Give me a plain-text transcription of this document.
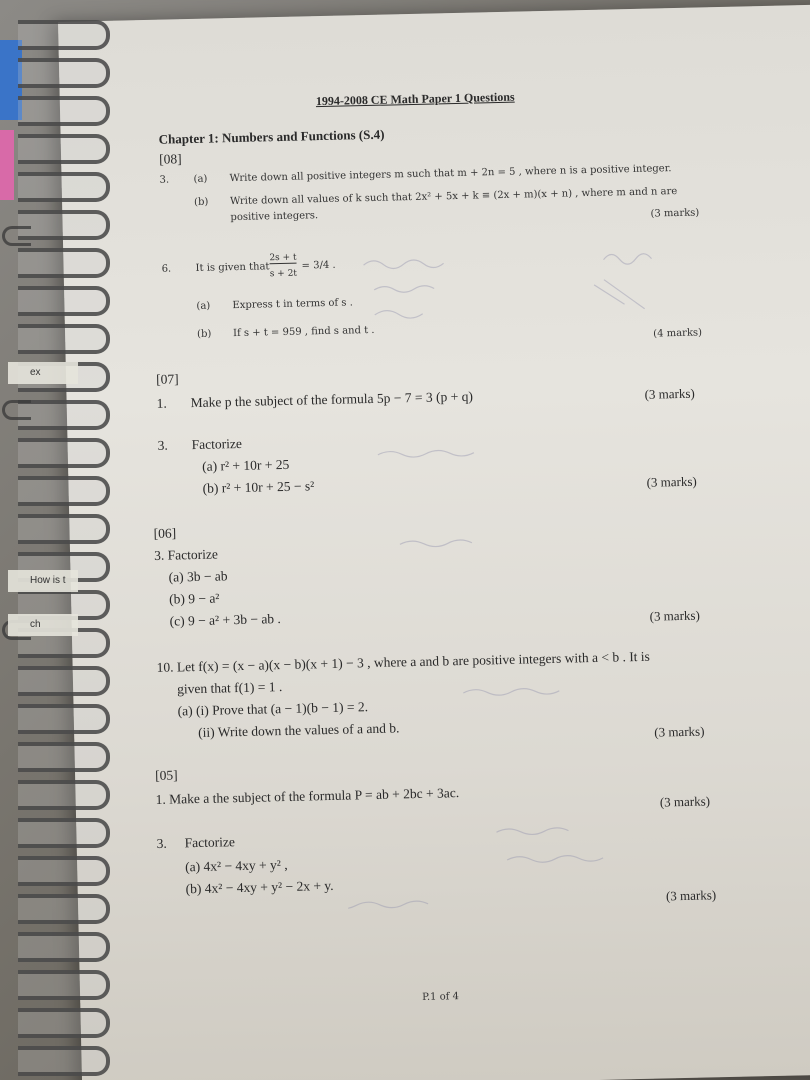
1994-2008 CE Math Paper 1 Questions
Chapter 1: Numbers and Functions (S.4)
[08]
3. (a) Write down all positive integers m such that m + 2n = 5 , where n is a positive integer.
(b) Write down all values of k such that 2x² + 5x + k ≡ (2x + m)(x + n) , where m and n are
positive integers.	(3 marks)
6. It is given that
2s + t
s + 2t
= 3/4 .
(a) Express t in terms of s .
(b) If s + t = 959 , find s and t .	(4 marks)
[07]
1. Make p the subject of the formula 5p − 7 = 3 (p + q)	(3 marks)
3. Factorize
(a) r² + 10r + 25
(b) r² + 10r + 25 − s²	(3 marks)
[06]
3. Factorize
(a) 3b − ab
(b) 9 − a²
(c) 9 − a² + 3b − ab .	(3 marks)
10. Let f(x) = (x − a)(x − b)(x + 1) − 3 , where a and b are positive integers with a < b . It is
given that f(1) = 1 .
(a) (i) Prove that (a − 1)(b − 1) = 2.
(ii) Write down the values of a and b.	(3 marks)
[05]
1. Make a the subject of the formula P = ab + 2bc + 3ac.	(3 marks)
3. Factorize
(a) 4x² − 4xy + y² ,
(b) 4x² − 4xy + y² − 2x + y.	(3 marks)
P.1 of 4
ex
How is t
ch
